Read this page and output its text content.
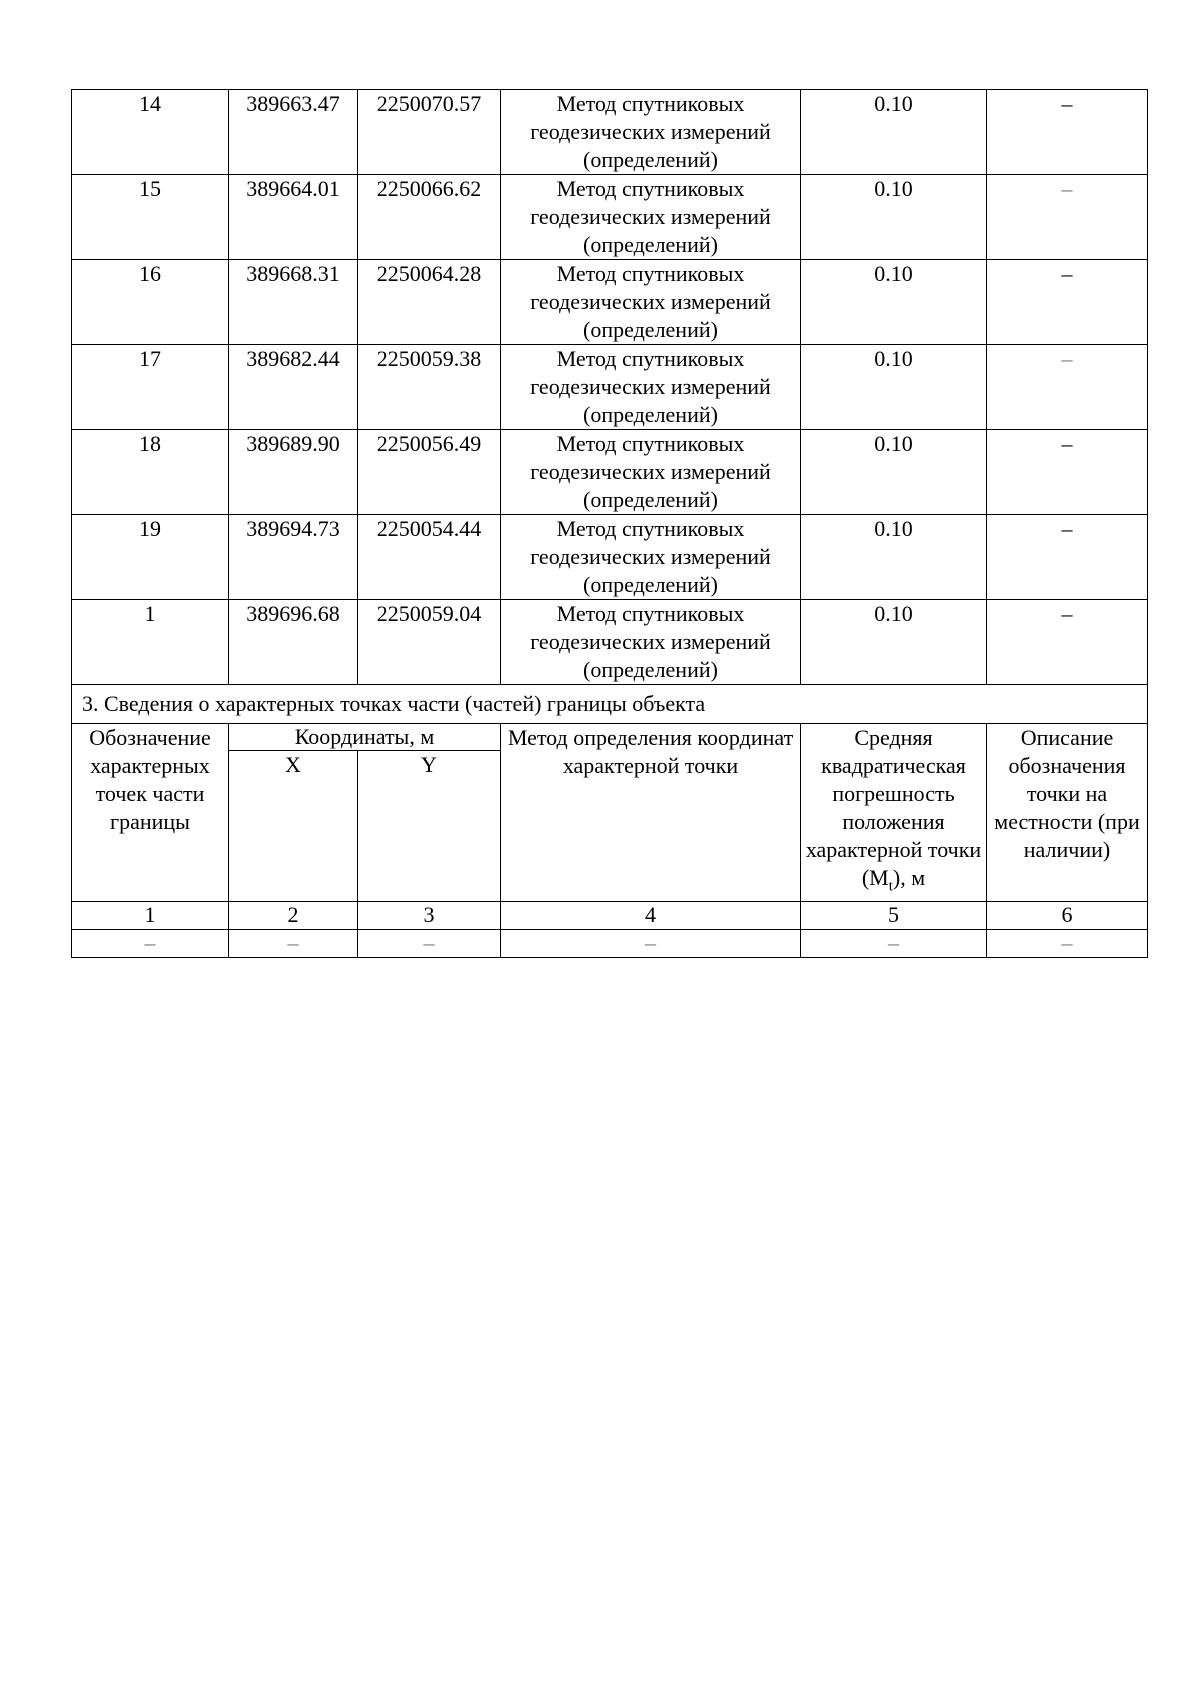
14	389663.47	2250070.57	Метод спутниковых геодезических измерений (определений)	0.10	–
15	389664.01	2250066.62	Метод спутниковых геодезических измерений (определений)	0.10	–
16	389668.31	2250064.28	Метод спутниковых геодезических измерений (определений)	0.10	–
17	389682.44	2250059.38	Метод спутниковых геодезических измерений (определений)	0.10	–
18	389689.90	2250056.49	Метод спутниковых геодезических измерений (определений)	0.10	–
19	389694.73	2250054.44	Метод спутниковых геодезических измерений (определений)	0.10	–
1	389696.68	2250059.04	Метод спутниковых геодезических измерений (определений)	0.10	–
3. Сведения о характерных точках части (частей) границы объекта					
Обозначение характерных точек части границы	Координаты, м		Метод определения координат характерной точки	Средняя квадратическая погрешность положения характерной точки $(M_t)$, м	Описание обозначения точки на местности (при наличии)
	X	Y			
1	2	3	4	5	6
–	–	–	–	–	–
